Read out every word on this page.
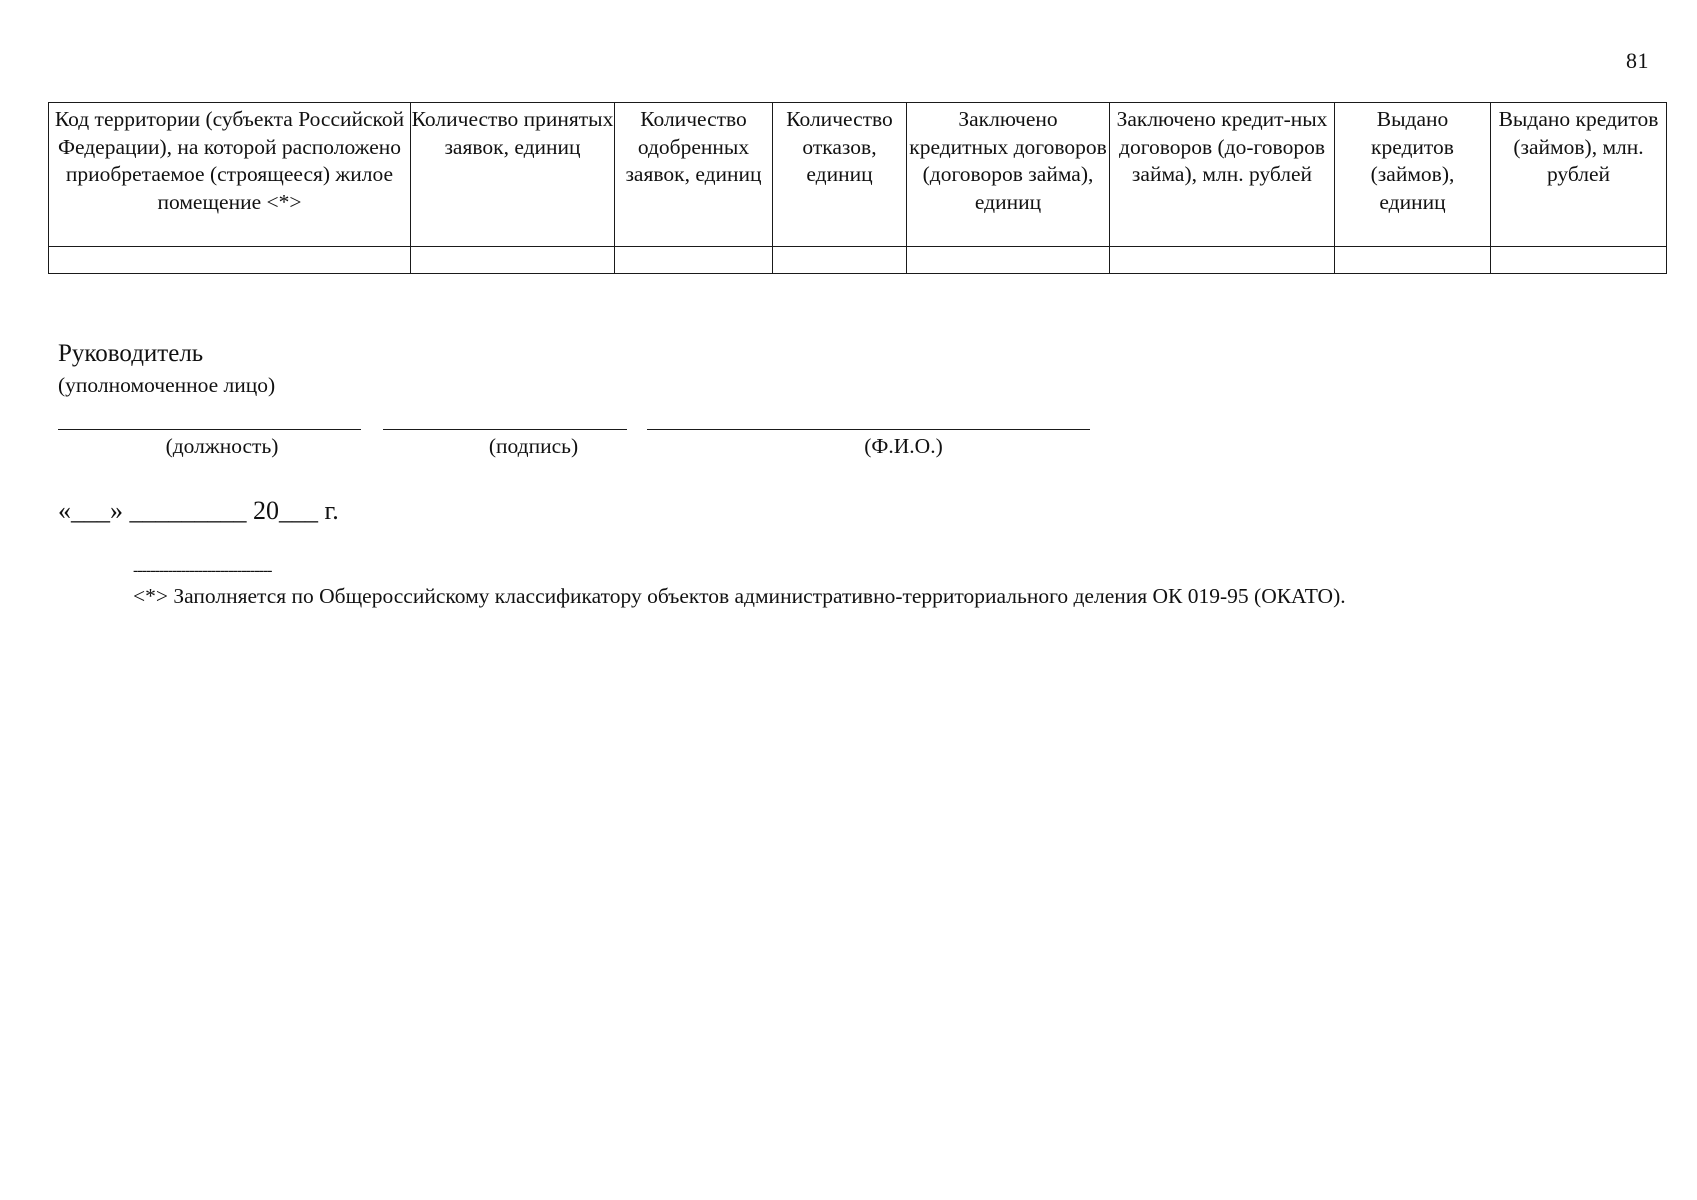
81
Код территории (субъекта Российской Федерации), на которой расположено приобретаемое (строящееся) жилое помещение <*>	Количество принятых заявок, единиц	Количество одобренных заявок, единиц	Количество отказов, единиц	Заключено кредитных договоров (договоров займа), единиц	Заключено кредит-ных договоров (до-говоров займа), млн. рублей	Выдано кредитов (займов), единиц	Выдано кредитов (займов), млн. рублей

Руководитель
(уполномоченное лицо)
(должность)	(подпись)	(Ф.И.О.)
«___» _________ 20___ г.
--------------------------------
<*> Заполняется по Общероссийскому классификатору объектов административно-территориального деления ОК 019-95 (ОКАТО).
